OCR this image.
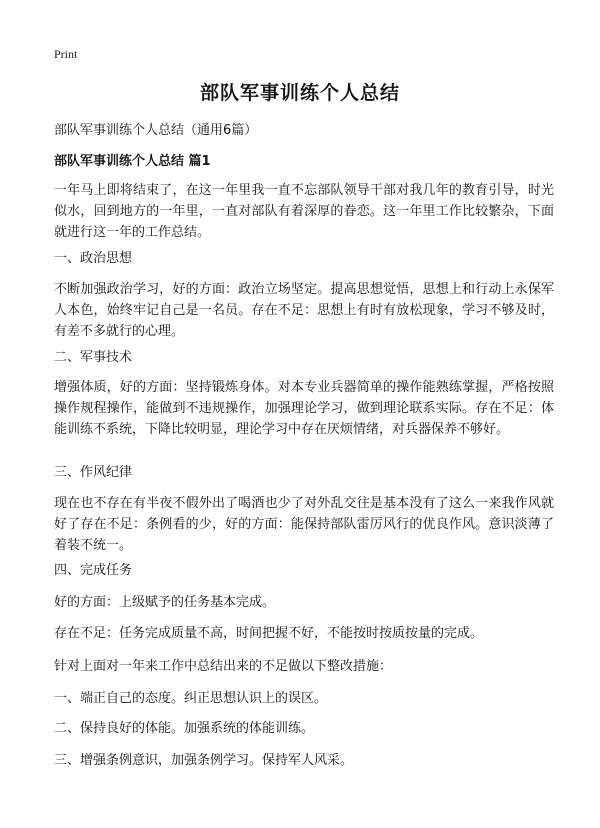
Print
部队军事训练个人总结
部队军事训练个人总结（通用6篇）
部队军事训练个人总结 篇1
一年马上即将结束了，在这一年里我一直不忘部队领导干部对我几年的教育引导，时光似水，回到地方的一年里，一直对部队有着深厚的眷恋。这一年里工作比较繁杂，下面就进行这一年的工作总结。
一、政治思想
不断加强政治学习，好的方面：政治立场坚定。提高思想觉悟，思想上和行动上永保军人本色，始终牢记自己是一名员。存在不足：思想上有时有放松现象，学习不够及时，有差不多就行的心理。
二、军事技术
增强体质，好的方面：坚持锻炼身体。对本专业兵器简单的操作能熟练掌握，严格按照操作规程操作，能做到不违规操作，加强理论学习，做到理论联系实际。存在不足：体能训练不系统，下降比较明显，理论学习中存在厌烦情绪，对兵器保养不够好。
三、作风纪律
现在也不存在有半夜不假外出了喝酒也少了对外乱交往是基本没有了这么一来我作风就好了存在不足：条例看的少，好的方面：能保持部队雷厉风行的优良作风。意识淡薄了着装不统一。
四、完成任务
好的方面：上级赋予的任务基本完成。
存在不足：任务完成质量不高，时间把握不好，不能按时按质按量的完成。
针对上面对一年来工作中总结出来的不足做以下整改措施：
一、端正自己的态度。纠正思想认识上的误区。
二、保持良好的体能。加强系统的体能训练。
三、增强条例意识，加强条例学习。保持军人风采。
